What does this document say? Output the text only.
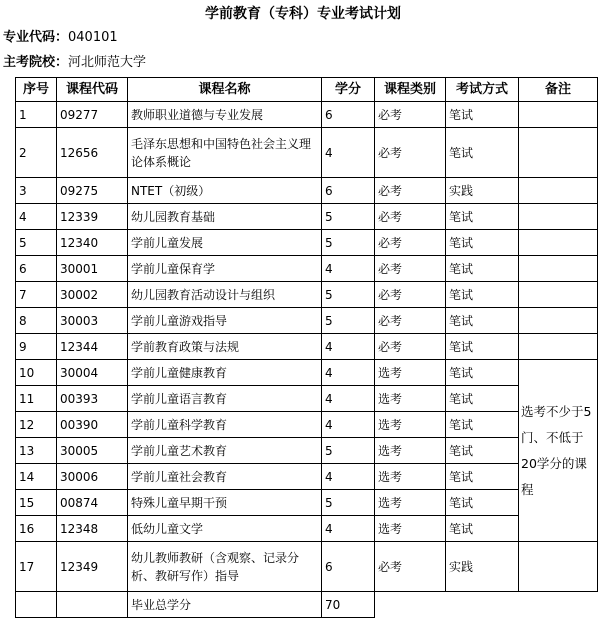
学前教育（专科）专业考试计划
专业代码：040101
主考院校：河北师范大学
序号	课程代码	课程名称	学分	课程类别	考试方式	备注
1	09277	教师职业道德与专业发展	6	必考	笔试	
2	12656	毛泽东思想和中国特色社会主义理论体系概论	4	必考	笔试	
3	09275	NTET（初级）	6	必考	实践	
4	12339	幼儿园教育基础	5	必考	笔试	
5	12340	学前儿童发展	5	必考	笔试	
6	30001	学前儿童保育学	4	必考	笔试	
7	30002	幼儿园教育活动设计与组织	5	必考	笔试	
8	30003	学前儿童游戏指导	5	必考	笔试	
9	12344	学前教育政策与法规	4	必考	笔试	
10	30004	学前儿童健康教育	4	选考	笔试	选考不少于5门、不低于20学分的课程
11	00393	学前儿童语言教育	4	选考	笔试	
12	00390	学前儿童科学教育	4	选考	笔试	
13	30005	学前儿童艺术教育	5	选考	笔试	
14	30006	学前儿童社会教育	4	选考	笔试	
15	00874	特殊儿童早期干预	5	选考	笔试	
16	12348	低幼儿童文学	4	选考	笔试	
17	12349	幼儿教师教研（含观察、记录分析、教研写作）指导	6	必考	实践	
		毕业总学分	70			
